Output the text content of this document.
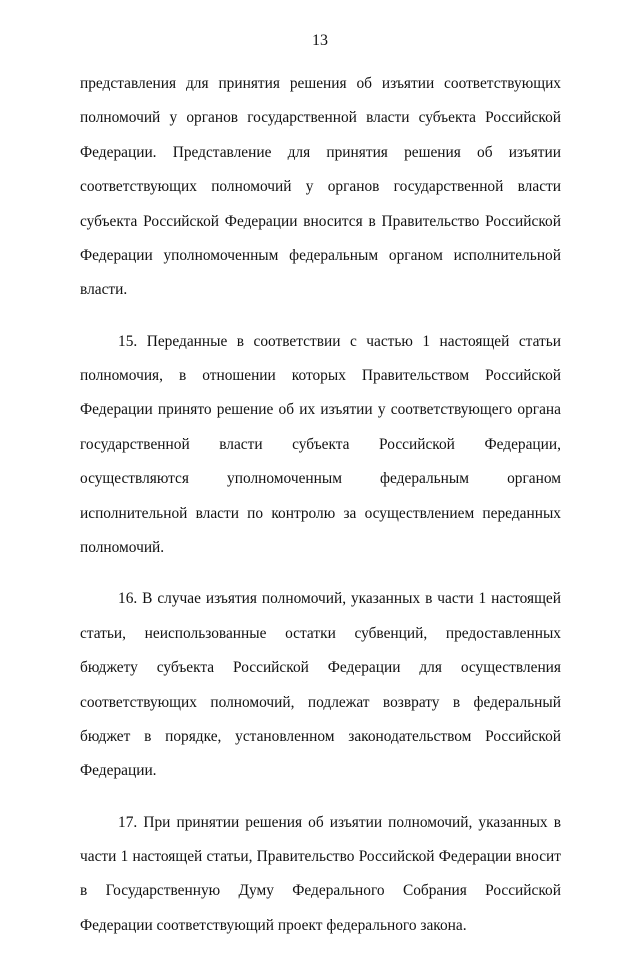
13

представления для принятия решения об изъятии соответствующих полномочий у органов государственной власти субъекта Российской Федерации. Представление для принятия решения об изъятии соответствующих полномочий у органов государственной власти субъекта Российской Федерации вносится в Правительство Российской Федерации уполномоченным федеральным органом исполнительной власти.

15. Переданные в соответствии с частью 1 настоящей статьи полномочия, в отношении которых Правительством Российской Федерации принято решение об их изъятии у соответствующего органа государственной власти субъекта Российской Федерации, осуществляются уполномоченным федеральным органом исполнительной власти по контролю за осуществлением переданных полномочий.

16. В случае изъятия полномочий, указанных в части 1 настоящей статьи, неиспользованные остатки субвенций, предоставленных бюджету субъекта Российской Федерации для осуществления соответствующих полномочий, подлежат возврату в федеральный бюджет в порядке, установленном законодательством Российской Федерации.

17. При принятии решения об изъятии полномочий, указанных в части 1 настоящей статьи, Правительство Российской Федерации вносит в Государственную Думу Федерального Собрания Российской Федерации соответствующий проект федерального закона.
